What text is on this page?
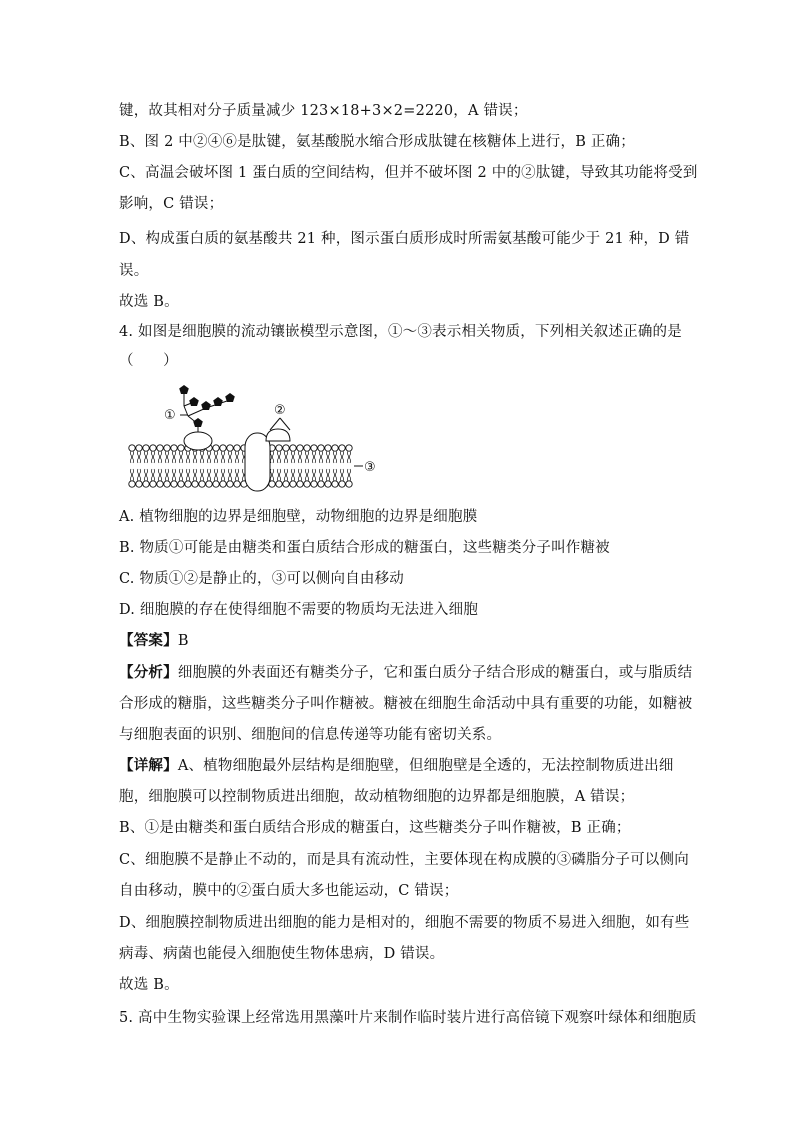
键，故其相对分子质量减少 123×18+3×2=2220，A 错误；
B、图 2 中②④⑥是肽键，氨基酸脱水缩合形成肽键在核糖体上进行，B 正确；
C、高温会破坏图 1 蛋白质的空间结构，但并不破坏图 2 中的②肽键，导致其功能将受到
影响，C 错误；
D、构成蛋白质的氨基酸共 21 种，图示蛋白质形成时所需氨基酸可能少于 21 种，D 错
误。
故选 B。
4. 如图是细胞膜的流动镶嵌模型示意图，①～③表示相关物质，下列相关叙述正确的是
（　　）
①	②
③
A. 植物细胞的边界是细胞壁，动物细胞的边界是细胞膜
B. 物质①可能是由糖类和蛋白质结合形成的糖蛋白，这些糖类分子叫作糖被
C. 物质①②是静止的，③可以侧向自由移动
D. 细胞膜的存在使得细胞不需要的物质均无法进入细胞
【答案】B
【分析】细胞膜的外表面还有糖类分子，它和蛋白质分子结合形成的糖蛋白，或与脂质结
合形成的糖脂，这些糖类分子叫作糖被。糖被在细胞生命活动中具有重要的功能，如糖被
与细胞表面的识别、细胞间的信息传递等功能有密切关系。
【详解】A、植物细胞最外层结构是细胞壁，但细胞壁是全透的，无法控制物质进出细
胞，细胞膜可以控制物质进出细胞，故动植物细胞的边界都是细胞膜，A 错误；
B、①是由糖类和蛋白质结合形成的糖蛋白，这些糖类分子叫作糖被，B 正确；
C、细胞膜不是静止不动的，而是具有流动性，主要体现在构成膜的③磷脂分子可以侧向
自由移动，膜中的②蛋白质大多也能运动，C 错误；
D、细胞膜控制物质进出细胞的能力是相对的，细胞不需要的物质不易进入细胞，如有些
病毒、病菌也能侵入细胞使生物体患病，D 错误。
故选 B。
5. 高中生物实验课上经常选用黑藻叶片来制作临时装片进行高倍镜下观察叶绿体和细胞质
